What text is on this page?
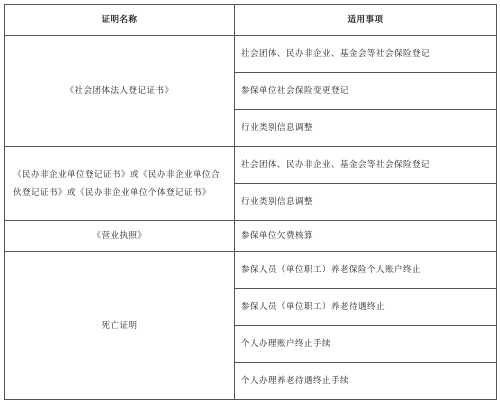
证明名称	适用事项
《社会团体法人登记证书》	社会团体、民办非企业、基金会等社会保险登记
	参保单位社会保险变更登记
	行业类别信息调整
《民办非企业单位登记证书》或《民办非企业单位合伙登记证书》或《民办非企业单位个体登记证书》	社会团体、民办非企业、基金会等社会保险登记
	行业类别信息调整
《营业执照》	参保单位欠费核算
死亡证明	参保人员（单位职工）养老保险个人账户终止
	参保人员（单位职工）养老待遇终止
	个人办理账户终止手续
	个人办理养老待遇终止手续
